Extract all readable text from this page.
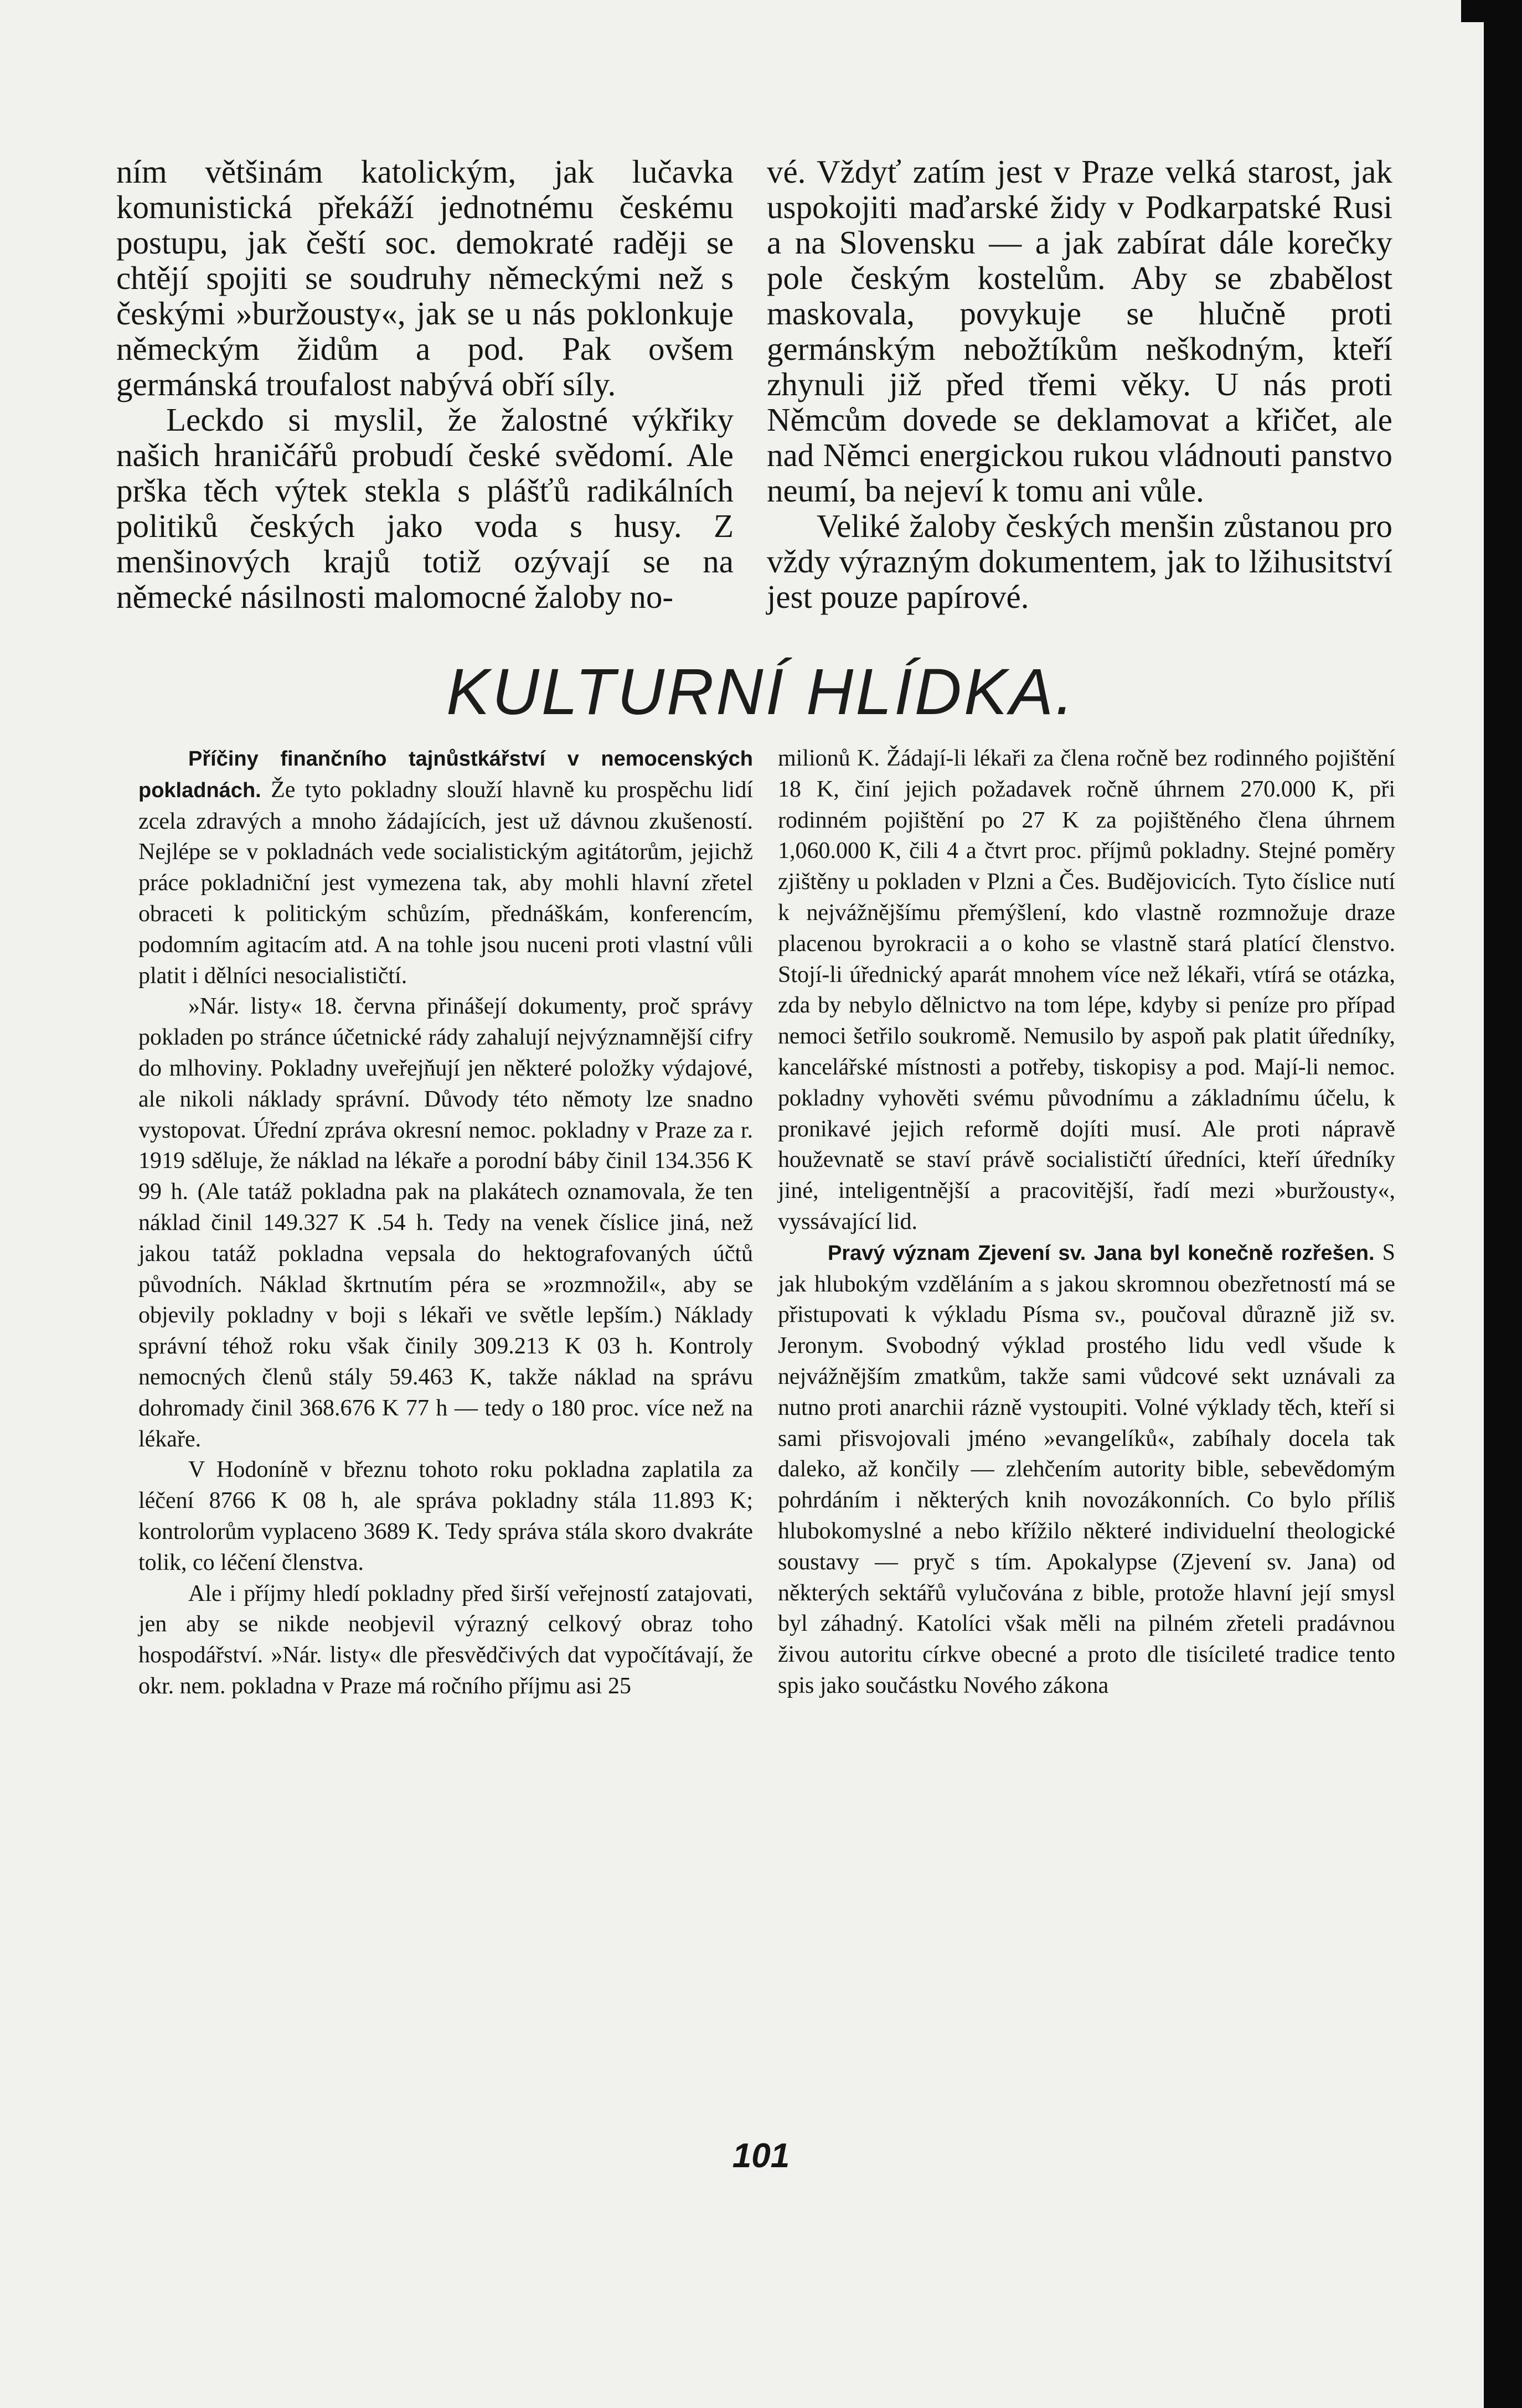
ním většinám katolickým, jak lučavka komunistická překáží jednotnému českému postupu, jak čeští soc. demokraté raději se chtějí spojiti se soudruhy německými než s českými »buržousty«, jak se u nás poklonkuje německým židům a pod. Pak ovšem germánská troufalost nabývá obří síly.

Leckdo si myslil, že žalostné výkřiky našich hraničářů probudí české svědomí. Ale prška těch výtek stekla s plášťů radikálních politiků českých jako voda s husy. Z menšinových krajů totiž ozývají se na německé násilnosti malomocné žaloby no-

vé. Vždyť zatím jest v Praze velká starost, jak uspokojiti maďarské židy v Podkarpatské Rusi a na Slovensku — a jak zabírat dále korečky pole českým kostelům. Aby se zbabělost maskovala, povykuje se hlučně proti germánským nebožtíkům neškodným, kteří zhynuli již před třemi věky. U nás proti Němcům dovede se deklamovat a křičet, ale nad Němci energickou rukou vládnouti panstvo neumí, ba nejeví k tomu ani vůle.

Veliké žaloby českých menšin zůstanou pro vždy výrazným dokumentem, jak to lžihusitství jest pouze papírové.

KULTURNÍ HLÍDKA.

Příčiny finančního tajnůstkářství v nemocenských pokladnách. Že tyto pokladny slouží hlavně ku prospěchu lidí zcela zdravých a mnoho žádajících, jest už dávnou zkušeností. Nejlépe se v pokladnách vede socialistickým agitátorům, jejichž práce pokladniční jest vymezena tak, aby mohli hlavní zřetel obraceti k politickým schůzím, přednáškám, konferencím, podomním agitacím atd. A na tohle jsou nuceni proti vlastní vůli platit i dělníci nesocialističtí.

»Nár. listy« 18. června přinášejí dokumenty, proč správy pokladen po stránce účetnické rády zahalují nejvýznamnější cifry do mlhoviny. Pokladny uveřejňují jen některé položky výdajové, ale nikoli náklady správní. Důvody této němoty lze snadno vystopovat. Úřední zpráva okresní nemoc. pokladny v Praze za r. 1919 sděluje, že náklad na lékaře a porodní báby činil 134.356 K 99 h. (Ale tatáž pokladna pak na plakátech oznamovala, že ten náklad činil 149.327 K .54 h. Tedy na venek číslice jiná, než jakou tatáž pokladna vepsala do hektografovaných účtů původních. Náklad škrtnutím péra se »rozmnožil«, aby se objevily pokladny v boji s lékaři ve světle lepším.) Náklady správní téhož roku však činily 309.213 K 03 h. Kontroly nemocných členů stály 59.463 K, takže náklad na správu dohromady činil 368.676 K 77 h — tedy o 180 proc. více než na lékaře.

V Hodoníně v březnu tohoto roku pokladna zaplatila za léčení 8766 K 08 h, ale správa pokladny stála 11.893 K; kontrolorům vyplaceno 3689 K. Tedy správa stála skoro dvakráte tolik, co léčení členstva.

Ale i příjmy hledí pokladny před širší veřejností zatajovati, jen aby se nikde neobjevil výrazný celkový obraz toho hospodářství. »Nár. listy« dle přesvědčivých dat vypočítávají, že okr. nem. pokladna v Praze má ročního příjmu asi 25

milionů K. Žádají-li lékaři za člena ročně bez rodinného pojištění 18 K, činí jejich požadavek ročně úhrnem 270.000 K, při rodinném pojištění po 27 K za pojištěného člena úhrnem 1,060.000 K, čili 4 a čtvrt proc. příjmů pokladny. Stejné poměry zjištěny u pokladen v Plzni a Čes. Budějovicích. Tyto číslice nutí k nejvážnějšímu přemýšlení, kdo vlastně rozmnožuje draze placenou byrokracii a o koho se vlastně stará platící členstvo. Stojí-li úřednický aparát mnohem více než lékaři, vtírá se otázka, zda by nebylo dělnictvo na tom lépe, kdyby si peníze pro případ nemoci šetřilo soukromě. Nemusilo by aspoň pak platit úředníky, kancelářské místnosti a potřeby, tiskopisy a pod. Mají-li nemoc. pokladny vyhověti svému původnímu a základnímu účelu, k pronikavé jejich reformě dojíti musí. Ale proti nápravě houževnatě se staví právě socialističtí úředníci, kteří úředníky jiné, inteligentnější a pracovitější, řadí mezi »buržousty«, vyssávající lid.

Pravý význam Zjevení sv. Jana byl konečně rozřešen. S jak hlubokým vzděláním a s jakou skromnou obezřetností má se přistupovati k výkladu Písma sv., poučoval důrazně již sv. Jeronym. Svobodný výklad prostého lidu vedl všude k nejvážnějším zmatkům, takže sami vůdcové sekt uznávali za nutno proti anarchii rázně vystoupiti. Volné výklady těch, kteří si sami přisvojovali jméno »evangelíků«, zabíhaly docela tak daleko, až končily — zlehčením autority bible, sebevědomým pohrdáním i některých knih novozákonních. Co bylo příliš hlubokomyslné a nebo křížilo některé individuelní theologické soustavy — pryč s tím. Apokalypse (Zjevení sv. Jana) od některých sektářů vylučována z bible, protože hlavní její smysl byl záhadný. Katolíci však měli na pilném zřeteli pradávnou živou autoritu církve obecné a proto dle tisícileté tradice tento spis jako součástku Nového zákona

101
